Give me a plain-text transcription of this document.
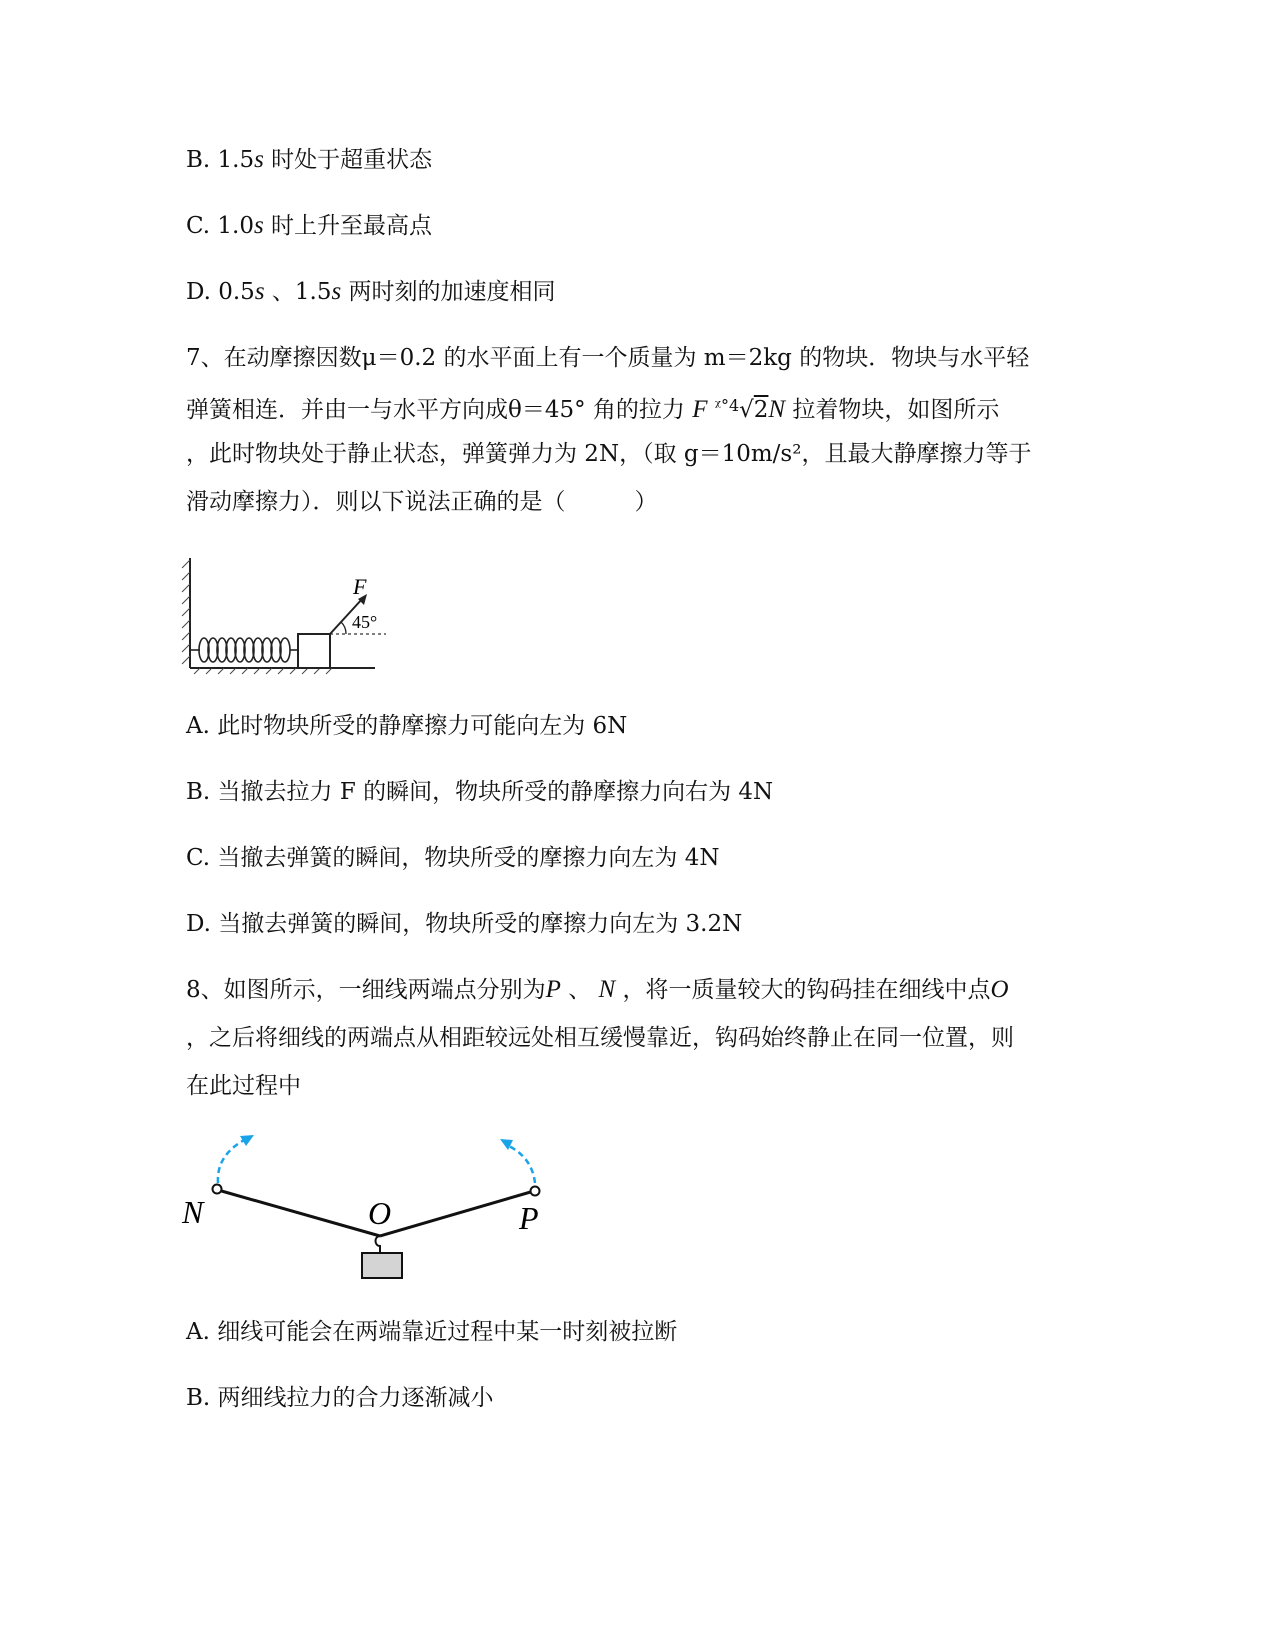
B. 1.5s 时处于超重状态
C. 1.0s 时上升至最高点
D. 0.5s 、1.5s 两时刻的加速度相同
7、在动摩擦因数μ＝0.2 的水平面上有一个质量为 m＝2kg 的物块．物块与水平轻
弹簧相连．并由一与水平方向成θ＝45° 角的拉力 F $^{ᵡ^\circ 4}$√2N 拉着物块，如图所示
，此时物块处于静止状态，弹簧弹力为 2N，（取 g＝10m/s²，且最大静摩擦力等于
滑动摩擦力）．则以下说法正确的是（　　　）
F
45°
A. 此时物块所受的静摩擦力可能向左为 6N
B. 当撤去拉力 F 的瞬间，物块所受的静摩擦力向右为 4N
C. 当撤去弹簧的瞬间，物块所受的摩擦力向左为 4N
D. 当撤去弹簧的瞬间，物块所受的摩擦力向左为 3.2N
8、如图所示，一细线两端点分别为P 、 N ，将一质量较大的钩码挂在细线中点O
，之后将细线的两端点从相距较远处相互缓慢靠近，钩码始终静止在同一位置，则
在此过程中
N	O	P
A. 细线可能会在两端靠近过程中某一时刻被拉断
B. 两细线拉力的合力逐渐减小
